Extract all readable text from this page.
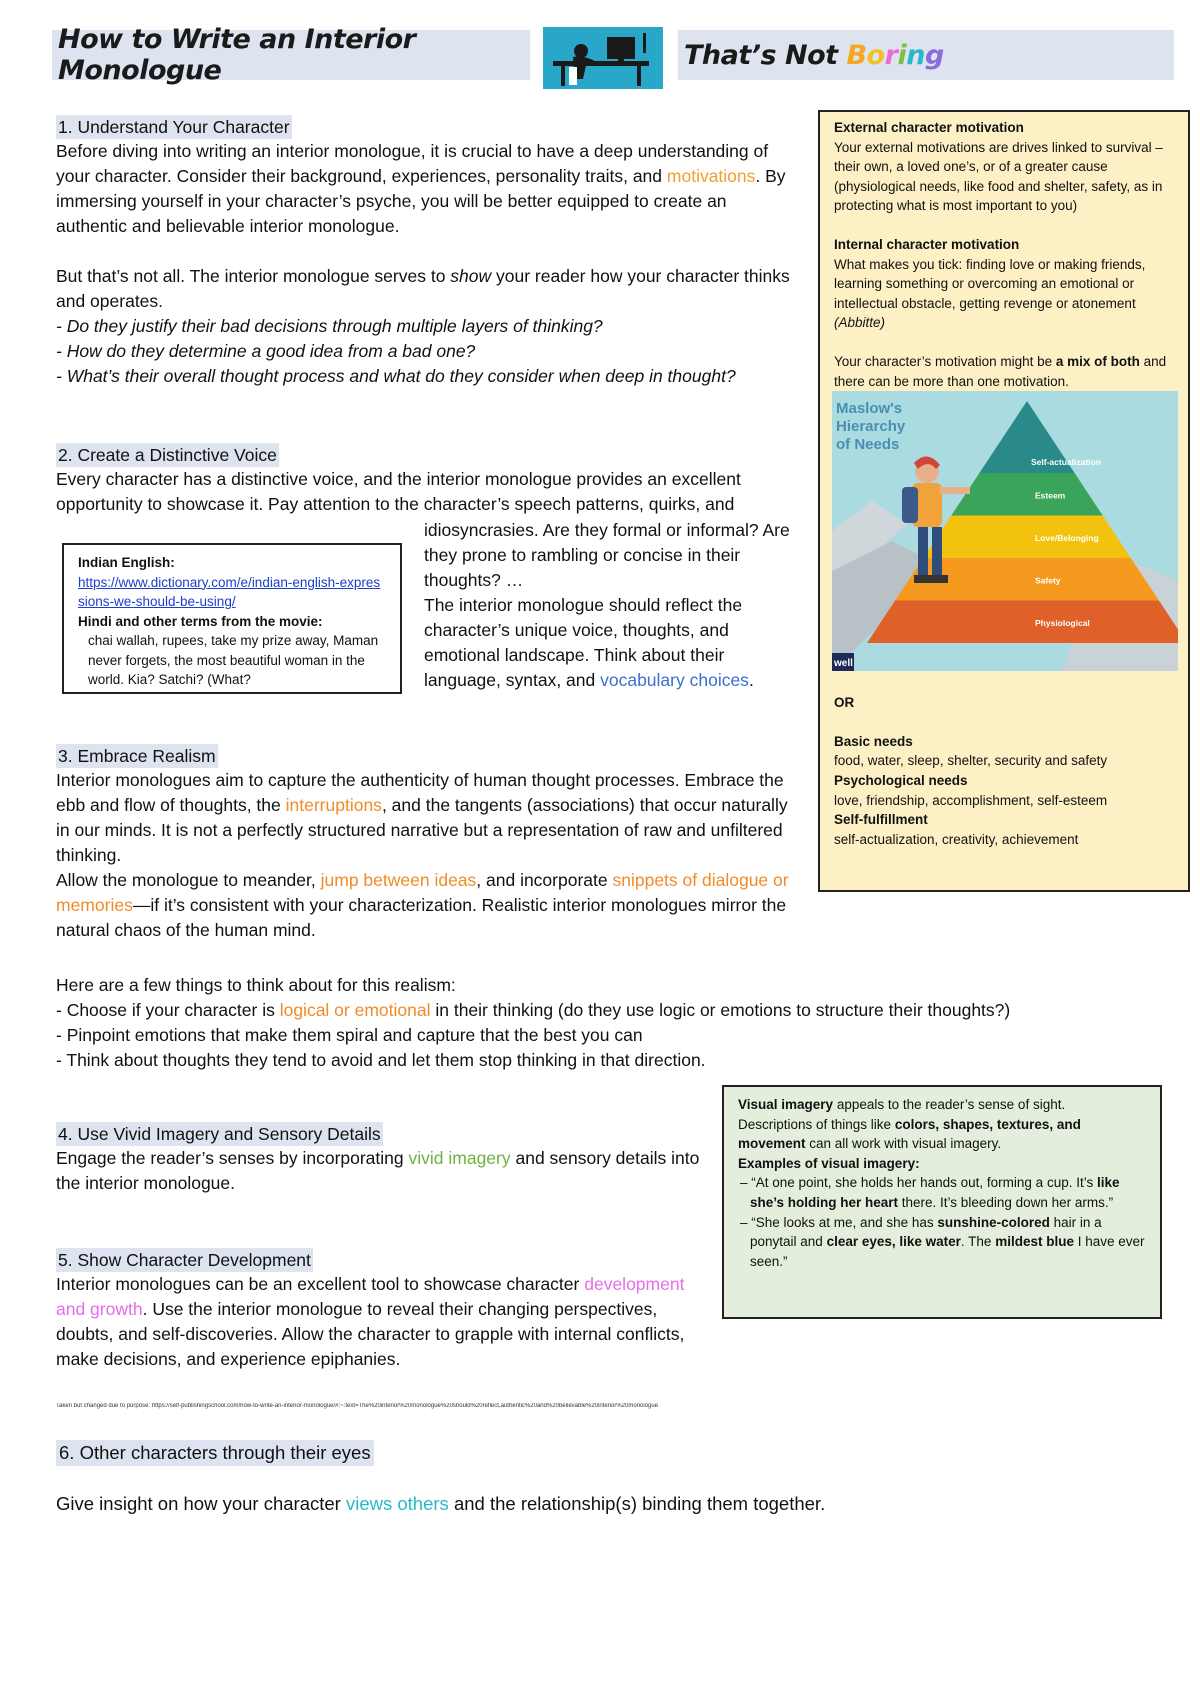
How to Write an Interior Monologue	That’s Not Boring
1. Understand Your Character

Before diving into writing an interior monologue, it is crucial to have a deep understanding of your character. Consider their background, experiences, personality traits, and motivations. By immersing yourself in your character’s psyche, you will be better equipped to create an authentic and believable interior monologue.

But that’s not all. The interior monologue serves to show your reader how your character thinks and operates.

- Do they justify their bad decisions through multiple layers of thinking?

- How do they determine a good idea from a bad one?

- What’s their overall thought process and what do they consider when deep in thought?

2. Create a Distinctive Voice

Every character has a distinctive voice, and the interior monologue provides an excellent opportunity to showcase it. Pay attention to the character’s speech patterns, quirks, and

idiosyncrasies. Are they formal or informal? Are they prone to rambling or concise in their thoughts? …

The interior monologue should reflect the character’s unique voice, thoughts, and emotional landscape. Think about their language, syntax, and vocabulary choices.

Indian English:
https://www.dictionary.com/e/indian-english-expressions-we-should-be-using/
Hindi and other terms from the movie:
chai wallah, rupees, take my prize away, Maman never forgets, the most beautiful woman in the world. Kia? Satchi? (What?
3. Embrace Realism

Interior monologues aim to capture the authenticity of human thought processes. Embrace the ebb and flow of thoughts, the interruptions, and the tangents (associations) that occur naturally in our minds. It is not a perfectly structured narrative but a representation of raw and unfiltered thinking.

Allow the monologue to meander, jump between ideas, and incorporate snippets of dialogue or memories—if it’s consistent with your characterization. Realistic interior monologues mirror the natural chaos of the human mind.

Here are a few things to think about for this realism:

- Choose if your character is logical or emotional in their thinking (do they use logic or emotions to structure their thoughts?)

- Pinpoint emotions that make them spiral and capture that the best you can

- Think about thoughts they tend to avoid and let them stop thinking in that direction.

4. Use Vivid Imagery and Sensory Details

Engage the reader’s senses by incorporating vivid imagery and sensory details into the interior monologue.

5. Show Character Development

Interior monologues can be an excellent tool to showcase character development and growth. Use the interior monologue to reveal their changing perspectives, doubts, and self-discoveries. Allow the character to grapple with internal conflicts, make decisions, and experience epiphanies.

Taken but changed due to purpose: https://self-publishingschool.com/how-to-write-an-interior-monologue/#:~:text=The%20interior%20monologue%20should%20reflect,authentic%20and%20believable%20interior%20monologue
6. Other characters through their eyes

Give insight on how your character views others and the relationship(s) binding them together.

External character motivation
Your external motivations are drives linked to survival – their own, a loved one’s, or of a greater cause (physiological needs, like food and shelter, safety, as in protecting what is most important to you)
Internal character motivation
What makes you tick: finding love or making friends, learning something or overcoming an emotional or intellectual obstacle, getting revenge or atonement (Abbitte)
Your character’s motivation might be a mix of both and there can be more than one motivation.
Self-actualization
Esteem
Love/Belonging
Safety
Physiological
Maslow's
Hierarchy
of Needs
well
OR
Basic needs
food, water, sleep, shelter, security and safety
Psychological needs
love, friendship, accomplishment, self-esteem
Self-fulfillment
self-actualization, creativity, achievement
Visual imagery appeals to the reader’s sense of sight.
Descriptions of things like colors, shapes, textures, and movement can all work with visual imagery.
Examples of visual imagery:
– “At one point, she holds her hands out, forming a cup. It’s like she’s holding her heart there. It’s bleeding down her arms.”
– “She looks at me, and she has sunshine-colored hair in a ponytail and clear eyes, like water. The mildest blue I have ever seen.”
